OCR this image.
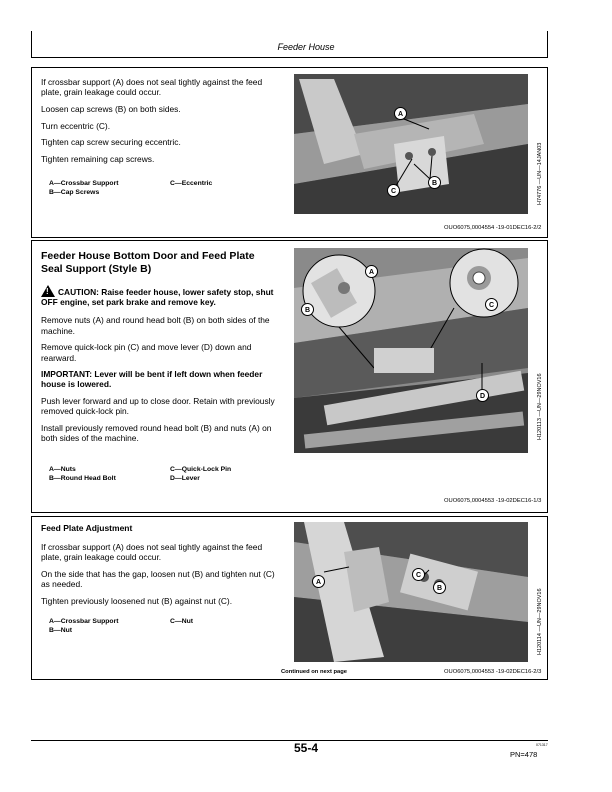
Feeder House

If crossbar support (A) does not seal tightly against the feed plate, grain leakage could occur.

Loosen cap screws (B) on both sides.

Turn eccentric (C).

Tighten cap screw securing eccentric.

Tighten remaining cap screws.

A—Crossbar Support
B—Cap Screws
C—Eccentric
A
B
C	H74776 —UN—14JAN03
OUO6075,0004554 -19-01DEC16-2/2
Feeder House Bottom Door and Feed Plate Seal Support (Style B)

!CAUTION: Raise feeder house, lower safety stop, shut OFF engine, set park brake and remove key.

Remove nuts (A) and round head bolt (B) on both sides of the machine.

Remove quick-lock pin (C) and move lever (D) down and rearward.

IMPORTANT: Lever will be bent if left down when feeder house is lowered.

Push lever forward and up to close door. Retain with previously removed quick-lock pin.

Install previously removed round head bolt (B) and nuts (A) on both sides of the machine.

A—Nuts
B—Round Head Bolt
C—Quick-Lock Pin
D—Lever
A
B
C
D	H120113 —UN—29NOV16
OUO6075,0004553 -19-02DEC16-1/3
Feed Plate Adjustment

If crossbar support (A) does not seal tightly against the feed plate, grain leakage could occur.

On the side that has the gap, loosen nut (B) and tighten nut (C) as needed.

Tighten previously loosened nut (B) against nut (C).

A—Crossbar Support
B—Nut
C—Nut
A
C
B	H120114 —UN—29NOV16
Continued on next page	OUO6075,0004553 -19-02DEC16-2/3
55-4	071317
PN=478
